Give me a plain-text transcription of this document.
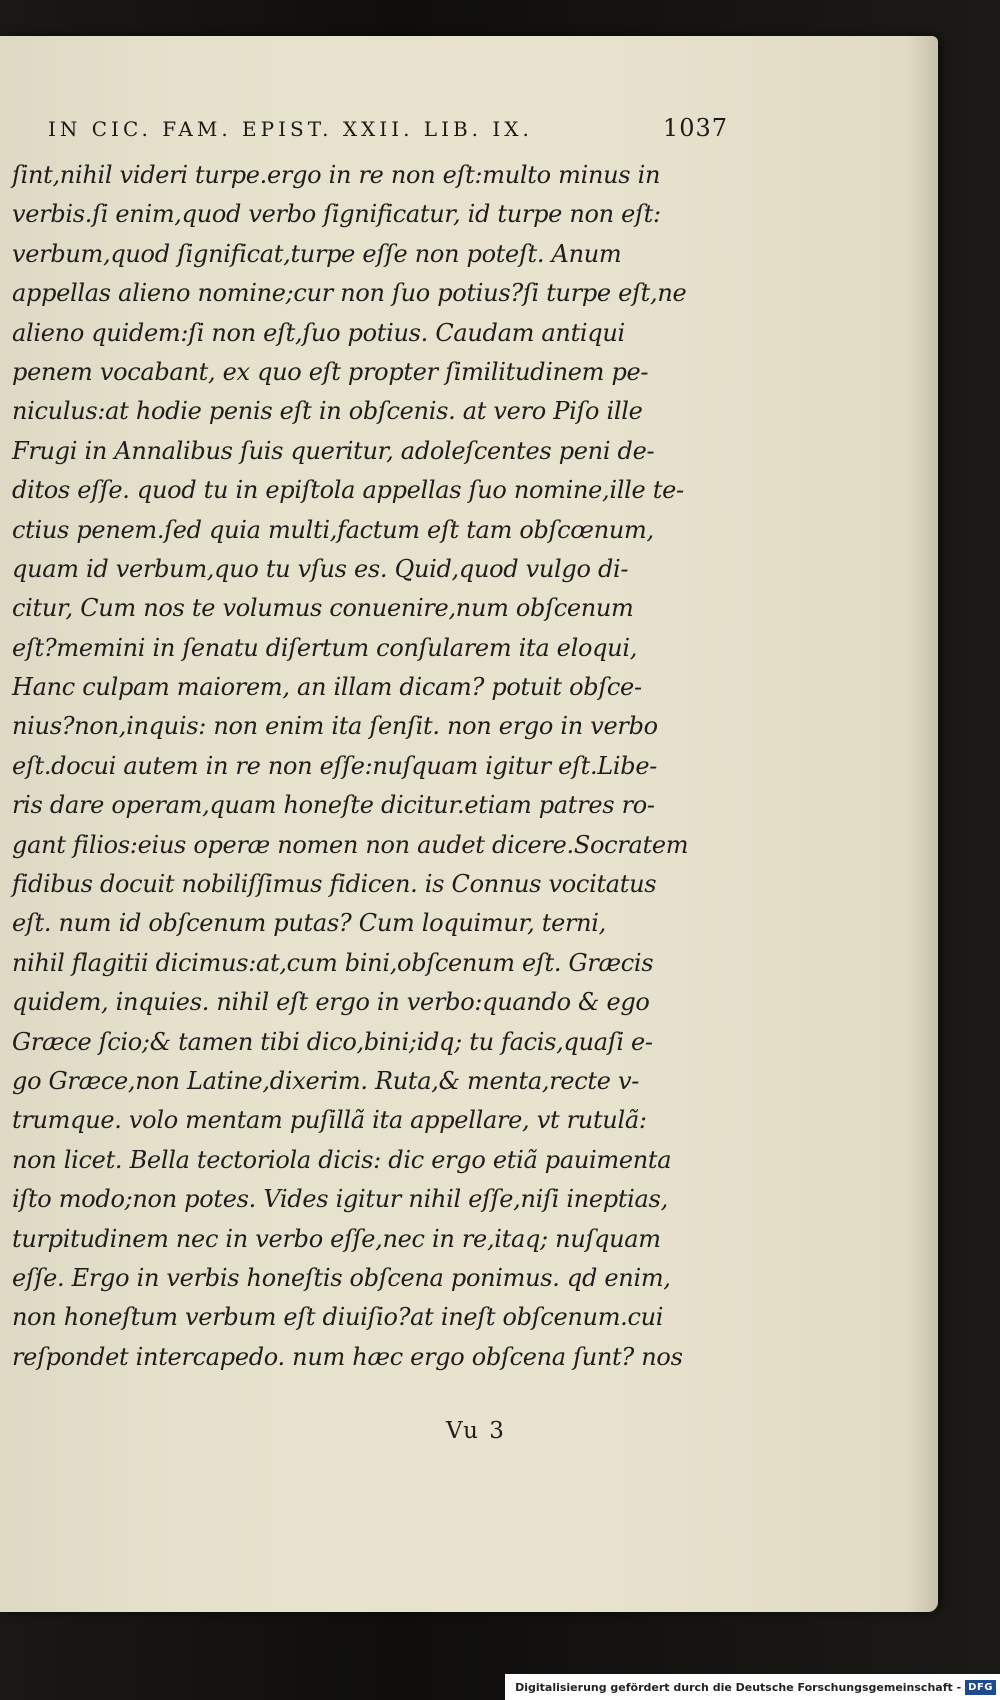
IN CIC. FAM. EPIST. XXII. LIB. IX.	1037
ſint,nihil videri turpe.ergo in re non eſt:multo minus in
verbis.ſi enim,quod verbo ſignificatur, id turpe non eſt:
verbum,quod ſignificat,turpe eſſe non poteſt. Anum
appellas alieno nomine;cur non ſuo potius?ſi turpe eſt,ne
alieno quidem:ſi non eſt,ſuo potius. Caudam antiqui
penem vocabant, ex quo eſt propter ſimilitudinem pe-
niculus:at hodie penis eſt in obſcenis. at vero Piſo ille
Frugi in Annalibus ſuis queritur, adoleſcentes peni de-
ditos eſſe. quod tu in epiſtola appellas ſuo nomine,ille te-
ctius penem.ſed quia multi,factum eſt tam obſcœnum,
quam id verbum,quo tu vſus es. Quid,quod vulgo di-
citur, Cum nos te volumus conuenire,num obſcenum
eſt?memini in ſenatu diſertum conſularem ita eloqui,
Hanc culpam maiorem, an illam dicam? potuit obſce-
nius?non,inquis: non enim ita ſenſit. non ergo in verbo
eſt.docui autem in re non eſſe:nuſquam igitur eſt.Libe-
ris dare operam,quam honeſte dicitur.etiam patres ro-
gant filios:eius operæ nomen non audet dicere.Socratem
fidibus docuit nobiliſſimus fidicen. is Connus vocitatus
eſt. num id obſcenum putas? Cum loquimur, terni,
nihil flagitii dicimus:at,cum bini,obſcenum eſt. Græcis
quidem, inquies. nihil eſt ergo in verbo:quando & ego
Græce ſcio;& tamen tibi dico,bini;idq; tu facis,quaſi e-
go Græce,non Latine,dixerim. Ruta,& menta,recte v-
trumque. volo mentam puſillã ita appellare, vt rutulã:
non licet. Bella tectoriola dicis: dic ergo etiã pauimenta
iſto modo;non potes. Vides igitur nihil eſſe,niſi ineptias,
turpitudinem nec in verbo eſſe,nec in re,itaq; nuſquam
eſſe. Ergo in verbis honeſtis obſcena ponimus. qd enim,
non honeſtum verbum eſt diuiſio?at ineſt obſcenum.cui
reſpondet intercapedo. num hæc ergo obſcena ſunt? nos
Vu 3
Digitalisierung gefördert durch die Deutsche Forschungsgemeinschaft - DFG
